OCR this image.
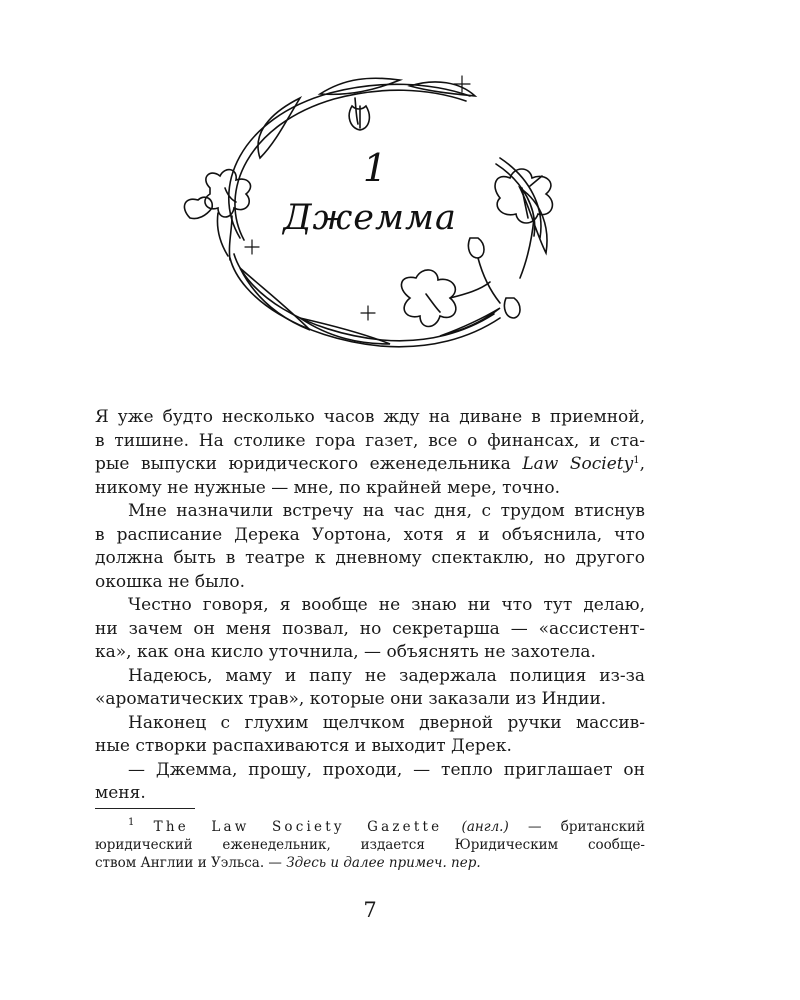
1
Джемма

Я уже будто несколько часов жду на диване в приемной,
в тишине. На столике гора газет, все о финансах, и ста-
рые выпуски юридического еженедельника Law Society$^1$,
никому не нужные — мне, по крайней мере, точно.

Мне назначили встречу на час дня, с трудом втиснув
в расписание Дерека Уортона, хотя я и объяснила, что
должна быть в театре к дневному спектаклю, но другого
окошка не было.

Честно говоря, я вообще не знаю ни что тут делаю,
ни зачем он меня позвал, но секретарша — «ассистент-
ка», как она кисло уточнила, — объяснять не захотела.

Надеюсь, маму и папу не задержала полиция из-за
«ароматических трав», которые они заказали из Индии.

Наконец с глухим щелчком дверной ручки массив-
ные створки распахиваются и выходит Дерек.

— Джемма, прошу, проходи, — тепло приглашает он
меня.

$^1$ The Law Society Gazette (англ.) — британский
юридический еженедельник, издается Юридическим сообще-
ством Англии и Уэльса. — Здесь и далее примеч. пер.
7
